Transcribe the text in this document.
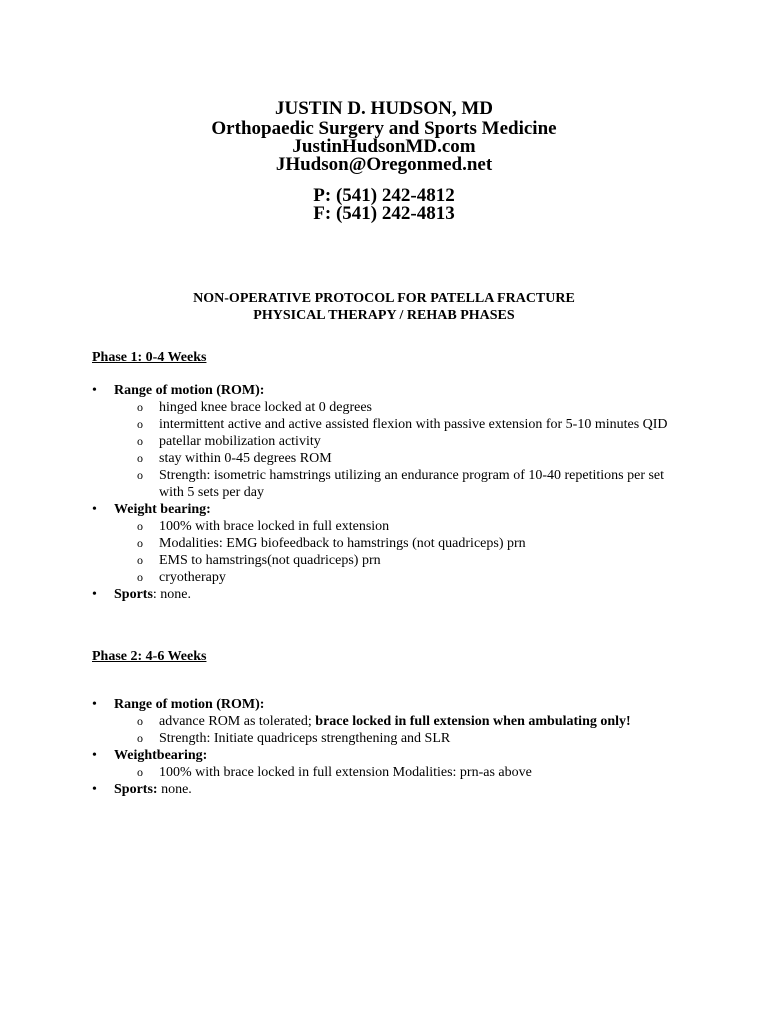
JUSTIN D. HUDSON, MD
Orthopaedic Surgery and Sports Medicine
JustinHudsonMD.com
JHudson@Oregonmed.net
P: (541) 242-4812
F: (541) 242-4813
NON-OPERATIVE PROTOCOL FOR PATELLA FRACTURE
PHYSICAL THERAPY / REHAB PHASES
Phase 1: 0-4 Weeks
• Range of motion (ROM):
o hinged knee brace locked at 0 degrees
o intermittent active and active assisted flexion with passive extension for 5-10 minutes QID
o patellar mobilization activity
o stay within 0-45 degrees ROM
o Strength: isometric hamstrings utilizing an endurance program of 10-40 repetitions per set with 5 sets per day
• Weight bearing:
o 100% with brace locked in full extension
o Modalities: EMG biofeedback to hamstrings (not quadriceps) prn
o EMS to hamstrings(not quadriceps) prn
o cryotherapy
• Sports: none.
Phase 2: 4-6 Weeks
• Range of motion (ROM):
o advance ROM as tolerated; brace locked in full extension when ambulating only!
o Strength: Initiate quadriceps strengthening and SLR
• Weightbearing:
o 100% with brace locked in full extension Modalities: prn-as above
• Sports: none.
